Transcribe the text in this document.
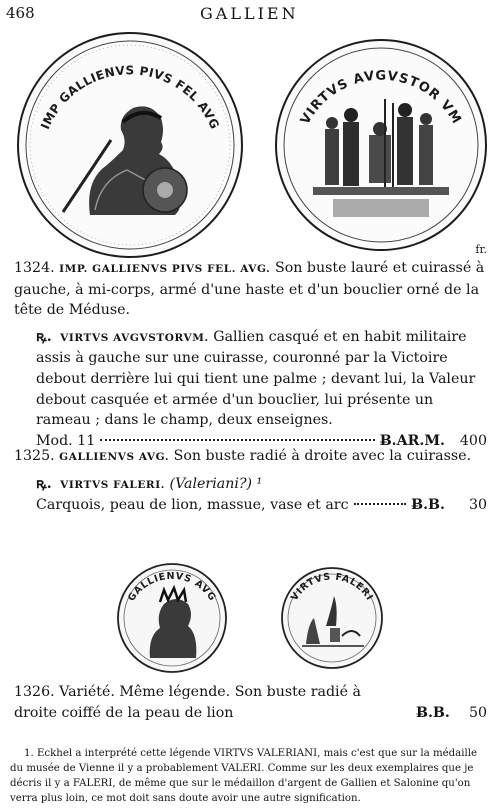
468	GALLIEN
IMP GALLIENVS PIVS FEL AVG	VIRTVS AVGVSTOR VM
fr.

1324. IMP. GALLIENVS PIVS FEL. AVG. Son buste lauré et cuirassé à gauche, à mi-corps, armé d'une haste et d'un bouclier orné de la tête de Méduse.

ꝶ. VIRTVS AVGVSTORVM. Gallien casqué et en habit militaire assis à gauche sur une cuirasse, couronné par la Victoire debout derrière lui qui tient une palme ; devant lui, la Valeur debout casquée et armée d'un bouclier, lui présente un rameau ; dans le champ, deux enseignes.

Mod. 11	Ƀ.AR.M.	400

1325. GALLIENVS AVG. Son buste radié à droite avec la cuirasse.

ꝶ. VIRTVS FALERI. (Valeriani?) ¹

Carquois, peau de lion, massue, vase et arc	Ƀ.B.	30
GALLIENVS AVG	VIRTVS FALERI
1326. Variété. Même légende. Son buste radié à droite coiffé de la peau de lion	Ƀ.B.	50

1. Eckhel a interprété cette légende VIRTVS VALERIANI, mais c'est que sur la médaille du musée de Vienne il y a probablement VALERI. Comme sur les deux exemplaires que je décris il y a FALERI, de même que sur le médaillon d'argent de Gallien et Salonine qu'on verra plus loin, ce mot doit sans doute avoir une autre signification.
